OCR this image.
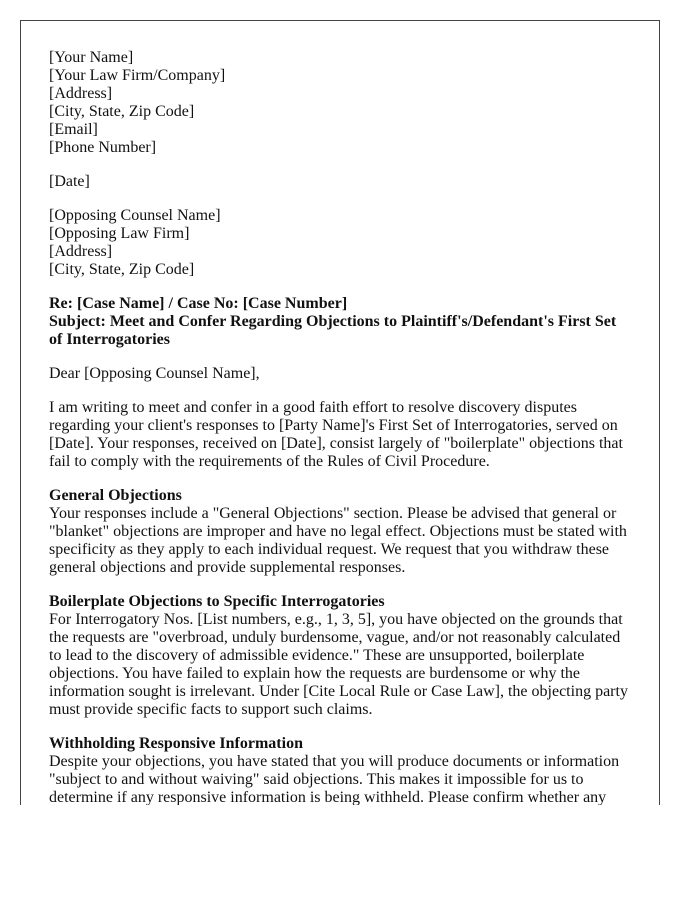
[Your Name]
[Your Law Firm/Company]
[Address]
[City, State, Zip Code]
[Email]
[Phone Number]
[Date]
[Opposing Counsel Name]
[Opposing Law Firm]
[Address]
[City, State, Zip Code]
Re: [Case Name] / Case No: [Case Number]
Subject: Meet and Confer Regarding Objections to Plaintiff's/Defendant's First Set
of Interrogatories
Dear [Opposing Counsel Name],
I am writing to meet and confer in a good faith effort to resolve discovery disputes
regarding your client's responses to [Party Name]'s First Set of Interrogatories, served on
[Date]. Your responses, received on [Date], consist largely of "boilerplate" objections that
fail to comply with the requirements of the Rules of Civil Procedure.
General Objections
Your responses include a "General Objections" section. Please be advised that general or
"blanket" objections are improper and have no legal effect. Objections must be stated with
specificity as they apply to each individual request. We request that you withdraw these
general objections and provide supplemental responses.
Boilerplate Objections to Specific Interrogatories
For Interrogatory Nos. [List numbers, e.g., 1, 3, 5], you have objected on the grounds that
the requests are "overbroad, unduly burdensome, vague, and/or not reasonably calculated
to lead to the discovery of admissible evidence." These are unsupported, boilerplate
objections. You have failed to explain how the requests are burdensome or why the
information sought is irrelevant. Under [Cite Local Rule or Case Law], the objecting party
must provide specific facts to support such claims.
Withholding Responsive Information
Despite your objections, you have stated that you will produce documents or information
"subject to and without waiving" said objections. This makes it impossible for us to
determine if any responsive information is being withheld. Please confirm whether any
